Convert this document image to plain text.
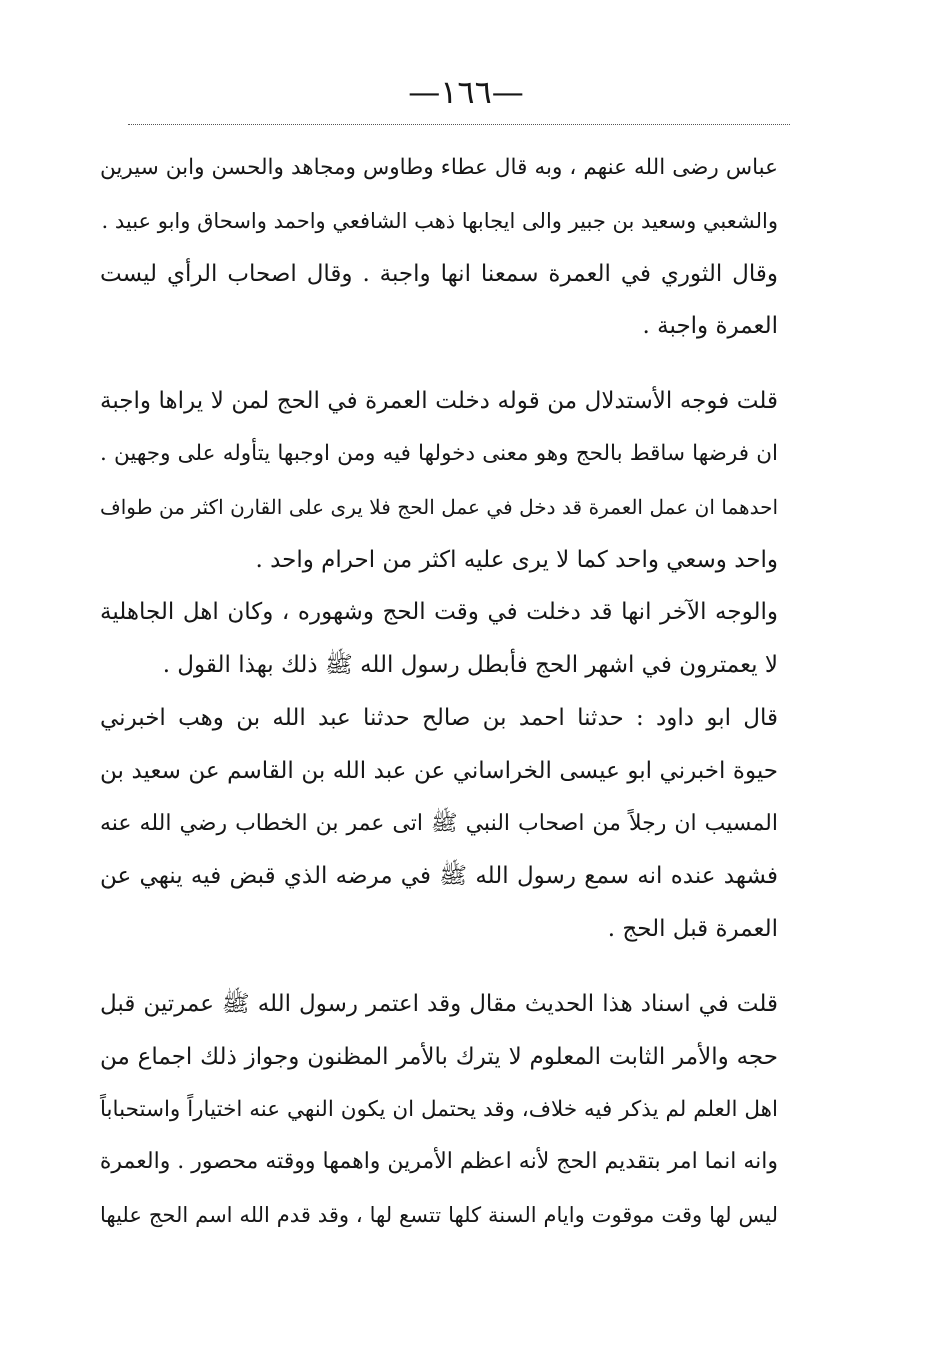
—١٦٦—
عباس رضى الله عنهم ، وبه قال عطاء وطاوس ومجاهد والحسن وابن سيرين
والشعبي وسعيد بن جبير والى ايجابها ذهب الشافعي واحمد واسحاق وابو عبيد .
وقال الثوري في العمرة سمعنا انها واجبة . وقال اصحاب الرأي ليست
العمرة واجبة .
قلت فوجه الأستدلال من قوله دخلت العمرة في الحج لمن لا يراها واجبة
ان فرضها ساقط بالحج وهو معنى دخولها فيه ومن اوجبها يتأوله على وجهين .
احدهما ان عمل العمرة قد دخل في عمل الحج فلا يرى على القارن اكثر من طواف
واحد وسعي واحد كما لا يرى عليه اكثر من احرام واحد .
والوجه الآخر انها قد دخلت في وقت الحج وشهوره ، وكان اهل الجاهلية
لا يعمترون في اشهر الحج فأبطل رسول الله ﷺ ذلك بهذا القول .
قال ابو داود : حدثنا احمد بن صالح حدثنا عبد الله بن وهب اخبرني
حيوة اخبرني ابو عيسى الخراساني عن عبد الله بن القاسم عن سعيد بن
المسيب ان رجلاً من اصحاب النبي ﷺ اتى عمر بن الخطاب رضي الله عنه
فشهد عنده انه سمع رسول الله ﷺ في مرضه الذي قبض فيه ينهي عن
العمرة قبل الحج .
قلت في اسناد هذا الحديث مقال وقد اعتمر رسول الله ﷺ عمرتين قبل
حجه والأمر الثابت المعلوم لا يترك بالأمر المظنون وجواز ذلك اجماع من
اهل العلم لم يذكر فيه خلاف، وقد يحتمل ان يكون النهي عنه اختياراً واستحباباً
وانه انما امر بتقديم الحج لأنه اعظم الأمرين واهمها ووقته محصور . والعمرة
ليس لها وقت موقوت وايام السنة كلها تتسع لها ، وقد قدم الله اسم الحج عليها
